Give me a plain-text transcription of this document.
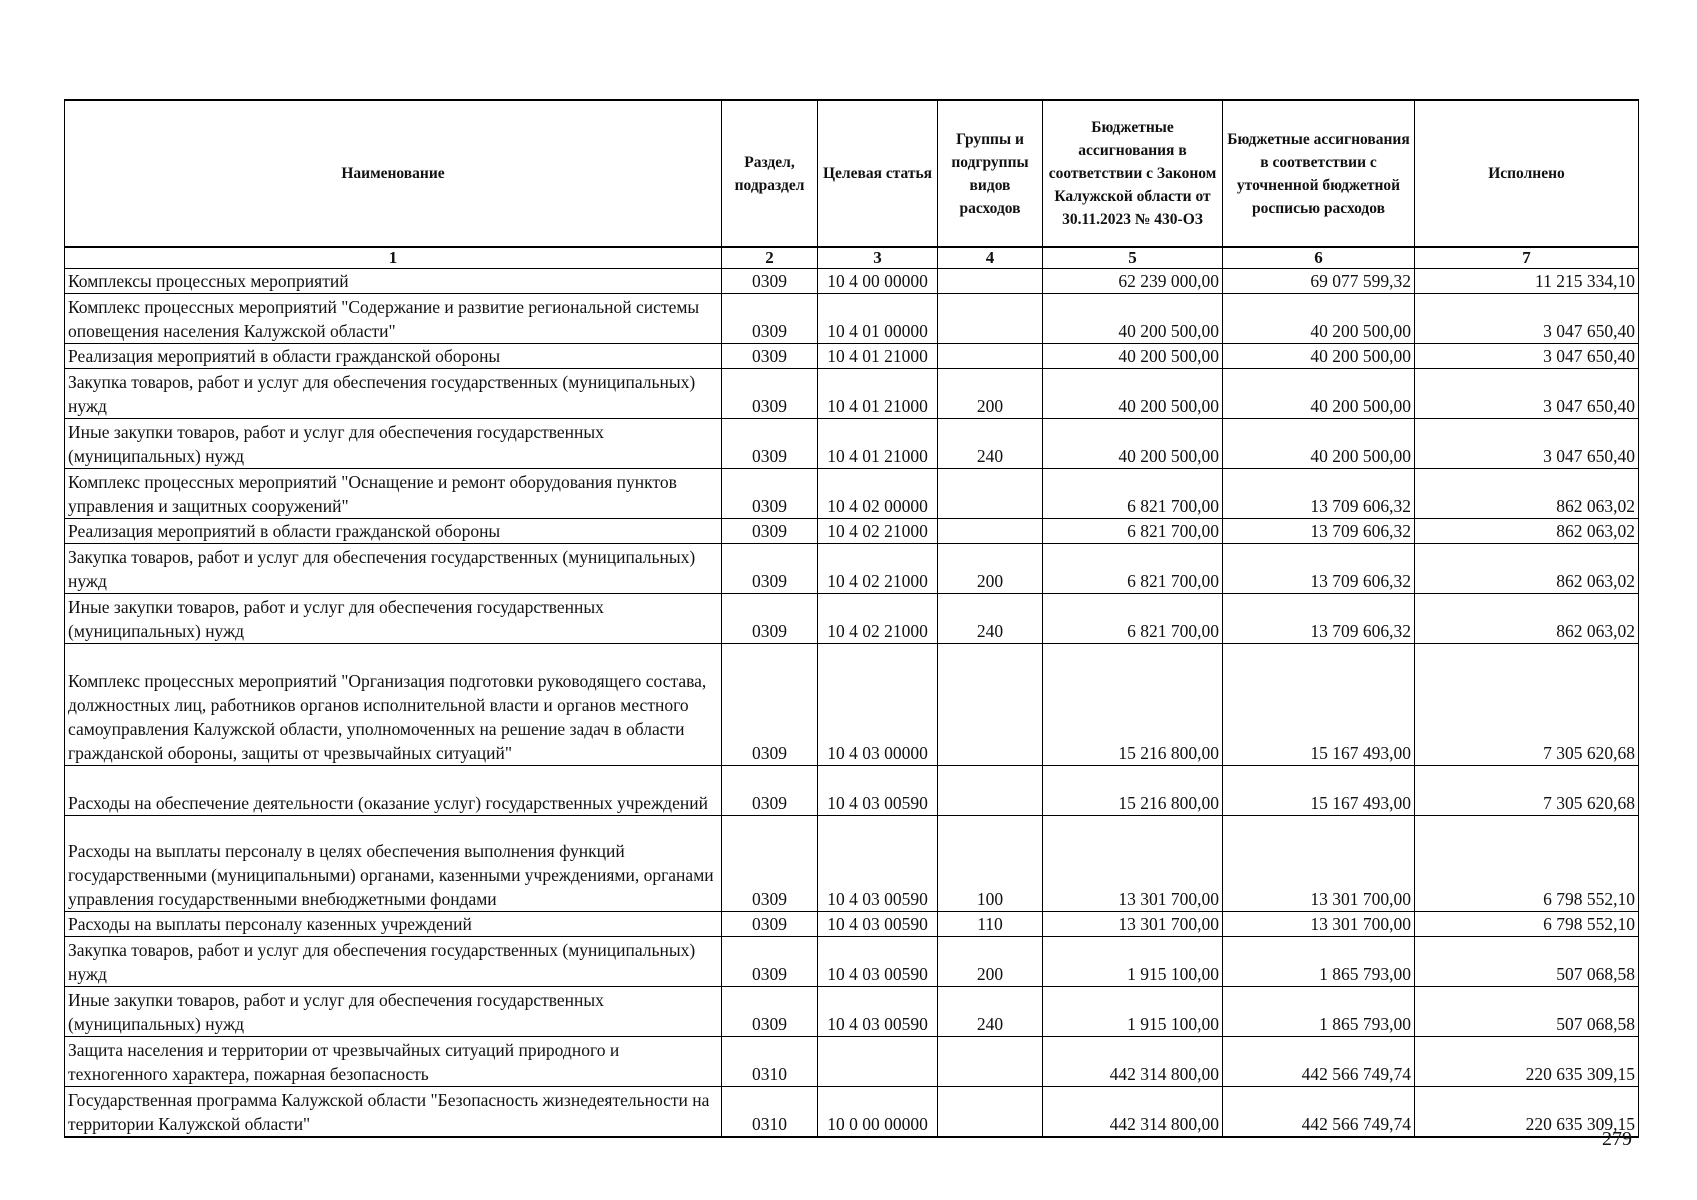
Наименование	Раздел, подраздел	Целевая статья	Группы и подгруппы видов расходов	Бюджетные ассигнования в соответствии с Законом Калужской области от 30.11.2023 № 430-ОЗ	Бюджетные ассигнования в соответствии с уточненной бюджетной росписью расходов	Исполнено
1	2	3	4	5	6	7
Комплексы процессных мероприятий	0309	10 4 00 00000		62 239 000,00	69 077 599,32	11 215 334,10
Комплекс процессных мероприятий "Содержание и развитие региональной системы оповещения населения Калужской области"	0309	10 4 01 00000		40 200 500,00	40 200 500,00	3 047 650,40
Реализация мероприятий в области гражданской обороны	0309	10 4 01 21000		40 200 500,00	40 200 500,00	3 047 650,40
Закупка товаров, работ и услуг для обеспечения государственных (муниципальных) нужд	0309	10 4 01 21000	200	40 200 500,00	40 200 500,00	3 047 650,40
Иные закупки товаров, работ и услуг для обеспечения государственных (муниципальных) нужд	0309	10 4 01 21000	240	40 200 500,00	40 200 500,00	3 047 650,40
Комплекс процессных мероприятий "Оснащение и ремонт оборудования пунктов управления и защитных сооружений"	0309	10 4 02 00000		6 821 700,00	13 709 606,32	862 063,02
Реализация мероприятий в области гражданской обороны	0309	10 4 02 21000		6 821 700,00	13 709 606,32	862 063,02
Закупка товаров, работ и услуг для обеспечения государственных (муниципальных) нужд	0309	10 4 02 21000	200	6 821 700,00	13 709 606,32	862 063,02
Иные закупки товаров, работ и услуг для обеспечения государственных (муниципальных) нужд	0309	10 4 02 21000	240	6 821 700,00	13 709 606,32	862 063,02
Комплекс процессных мероприятий "Организация подготовки руководящего состава, должностных лиц, работников органов исполнительной власти и органов местного самоуправления Калужской области, уполномоченных на решение задач в области гражданской обороны, защиты от чрезвычайных ситуаций"	0309	10 4 03 00000		15 216 800,00	15 167 493,00	7 305 620,68
Расходы на обеспечение деятельности (оказание услуг) государственных учреждений	0309	10 4 03 00590		15 216 800,00	15 167 493,00	7 305 620,68
Расходы на выплаты персоналу в целях обеспечения выполнения функций государственными (муниципальными) органами, казенными учреждениями, органами управления государственными внебюджетными фондами	0309	10 4 03 00590	100	13 301 700,00	13 301 700,00	6 798 552,10
Расходы на выплаты персоналу казенных учреждений	0309	10 4 03 00590	110	13 301 700,00	13 301 700,00	6 798 552,10
Закупка товаров, работ и услуг для обеспечения государственных (муниципальных) нужд	0309	10 4 03 00590	200	1 915 100,00	1 865 793,00	507 068,58
Иные закупки товаров, работ и услуг для обеспечения государственных (муниципальных) нужд	0309	10 4 03 00590	240	1 915 100,00	1 865 793,00	507 068,58
Защита населения и территории от чрезвычайных ситуаций природного и техногенного характера, пожарная безопасность	0310			442 314 800,00	442 566 749,74	220 635 309,15
Государственная программа Калужской области "Безопасность жизнедеятельности на территории Калужской области"	0310	10 0 00 00000		442 314 800,00	442 566 749,74	220 635 309,15
279
